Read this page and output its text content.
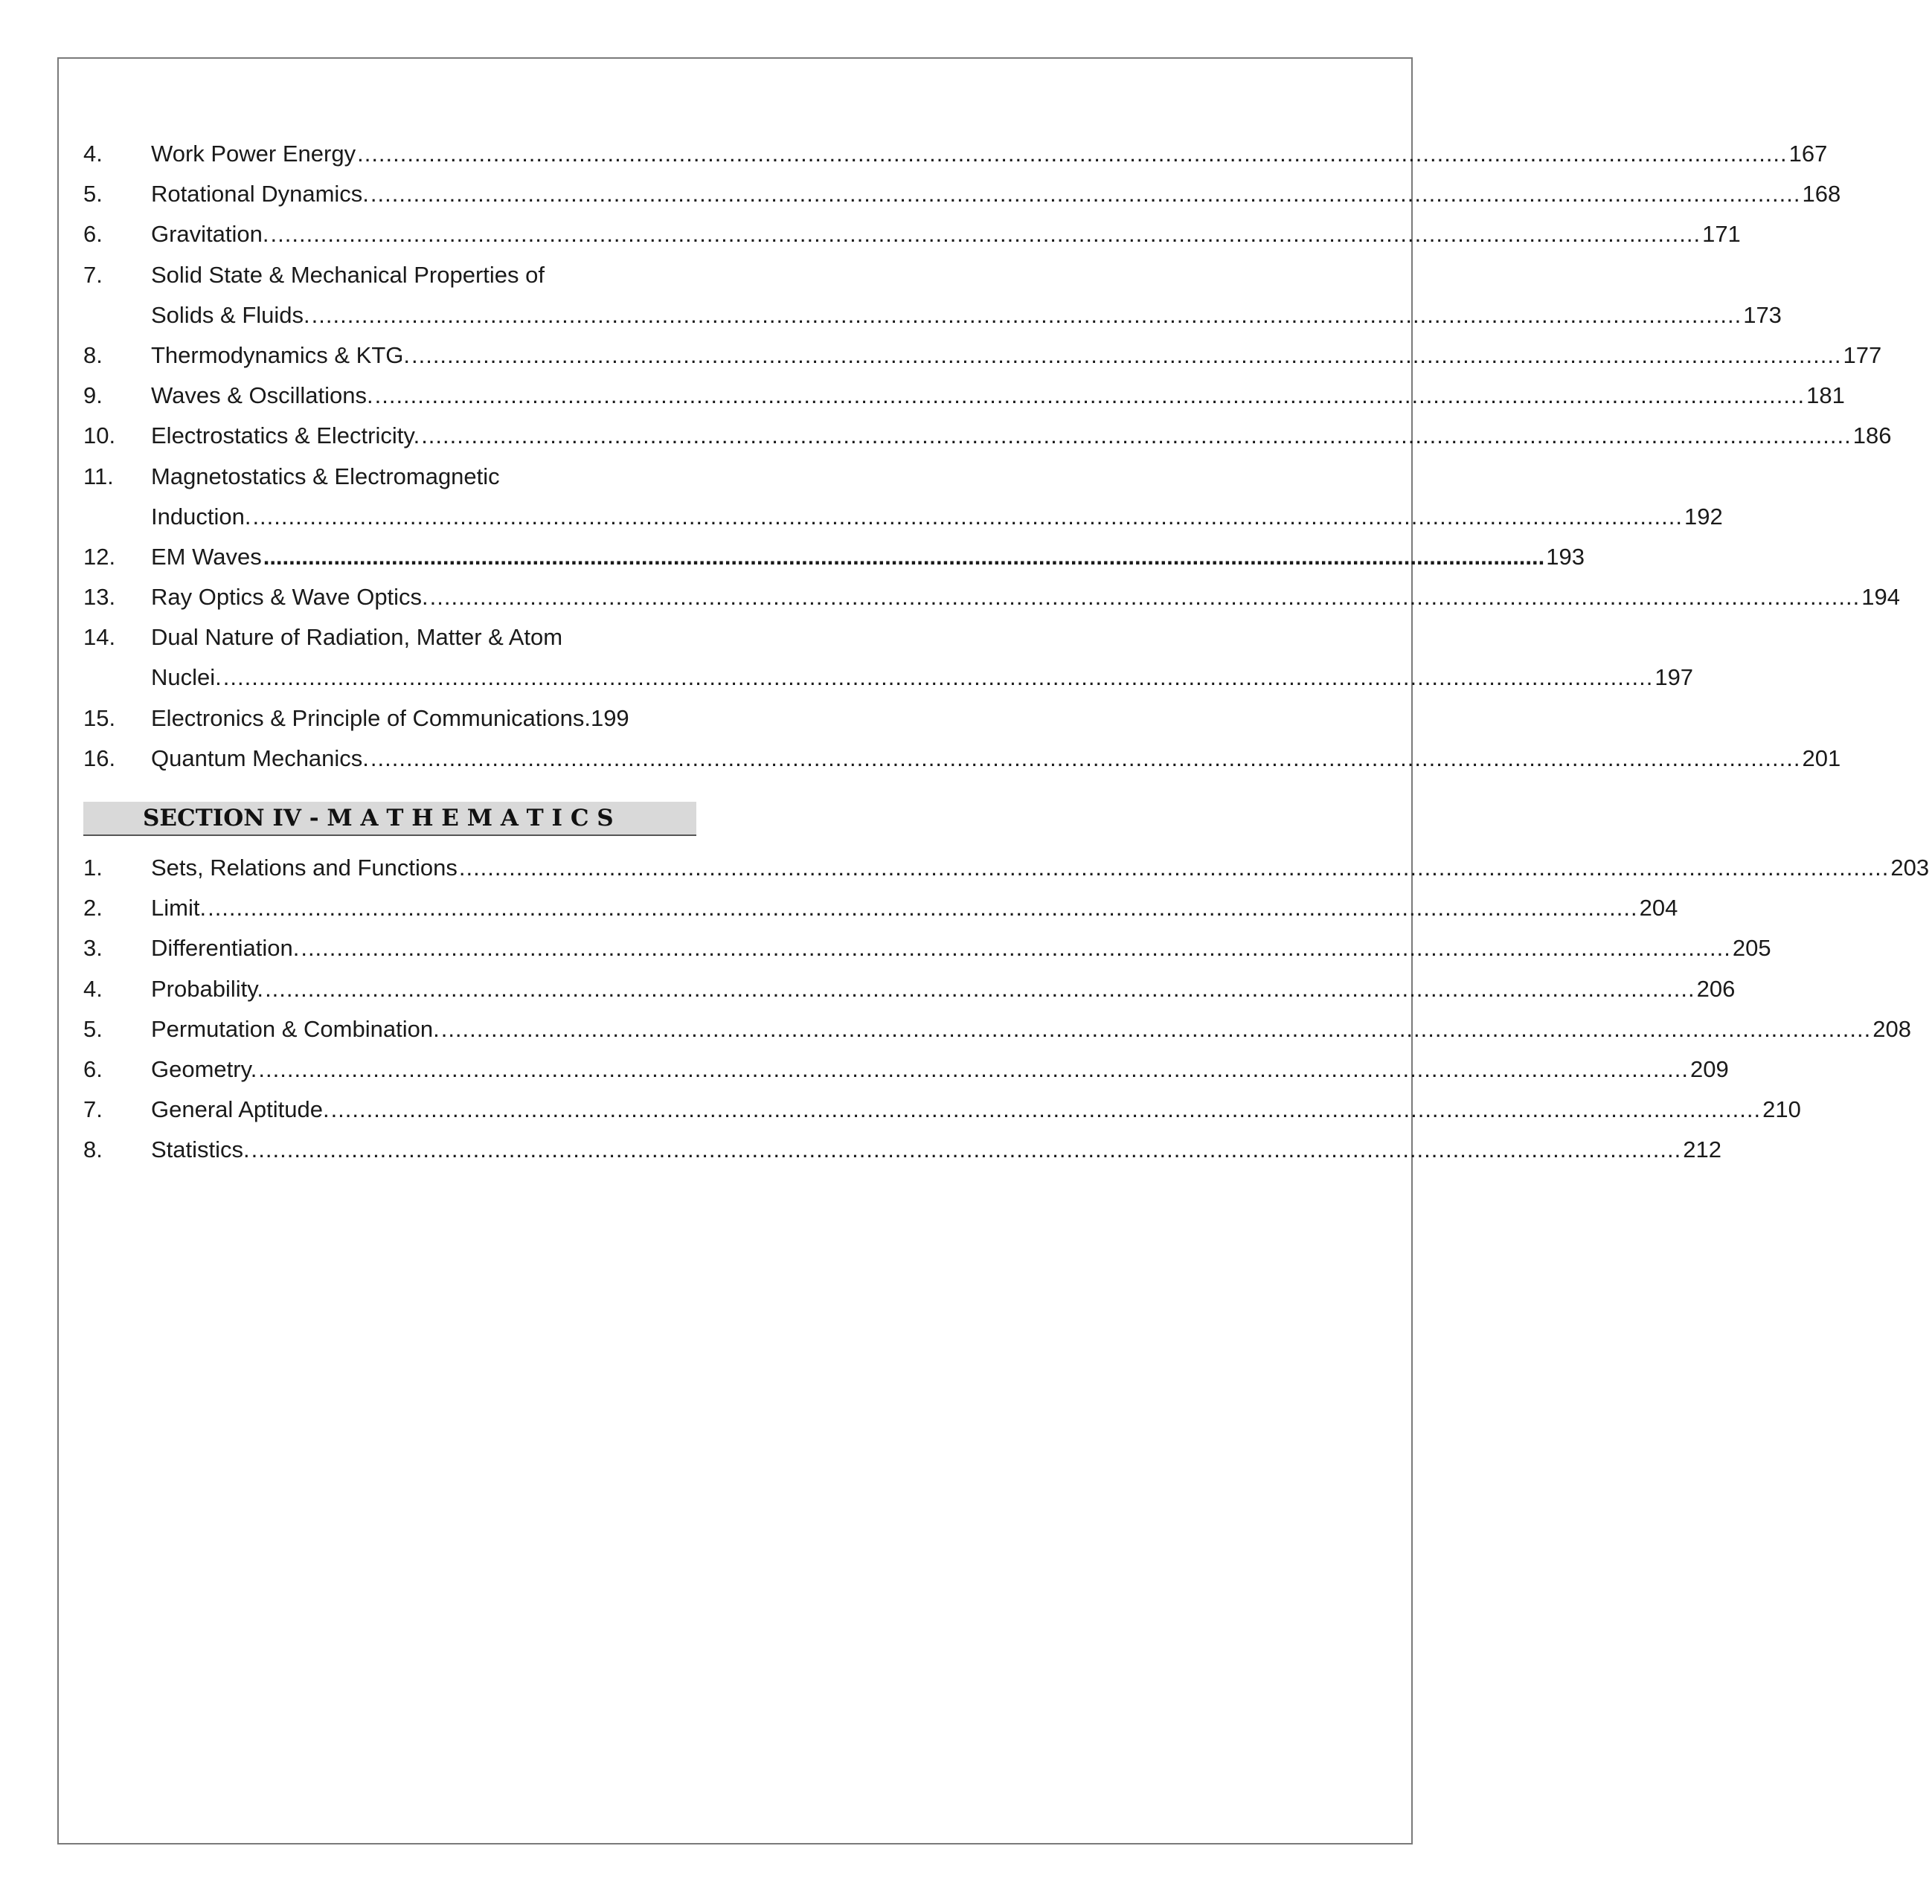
4.	Work Power Energy ........................................................................................................................................................................................................ 167
5.	Rotational Dynamics. ........................................................................................................................................................................................................ 168
6.	Gravitation. ........................................................................................................................................................................................................ 171
7.	Solid State & Mechanical Properties of
Solids & Fluids. ........................................................................................................................................................................................................ 173
8.	Thermodynamics & KTG. ........................................................................................................................................................................................................ 177
9.	Waves & Oscillations. ........................................................................................................................................................................................................ 181
10.	Electrostatics & Electricity. ........................................................................................................................................................................................................ 186
11.	Magnetostatics & Electromagnetic
Induction. ........................................................................................................................................................................................................ 192
12.	EM Waves ........................................................................................................................................................................................................ 193
13.	Ray Optics & Wave Optics. ........................................................................................................................................................................................................ 194
14.	Dual Nature of Radiation, Matter & Atom
Nuclei. ........................................................................................................................................................................................................ 197
15.	Electronics & Principle of Communications. 199
16.	Quantum Mechanics. ........................................................................................................................................................................................................ 201
SECTION IV - M A T H E M A T I C S
1.	Sets, Relations and Functions ........................................................................................................................................................................................................ 203
2.	Limit. ........................................................................................................................................................................................................ 204
3.	Differentiation. ........................................................................................................................................................................................................ 205
4.	Probability. ........................................................................................................................................................................................................ 206
5.	Permutation & Combination. ........................................................................................................................................................................................................ 208
6.	Geometry. ........................................................................................................................................................................................................ 209
7.	General Aptitude. ........................................................................................................................................................................................................ 210
8.	Statistics. ........................................................................................................................................................................................................ 212
